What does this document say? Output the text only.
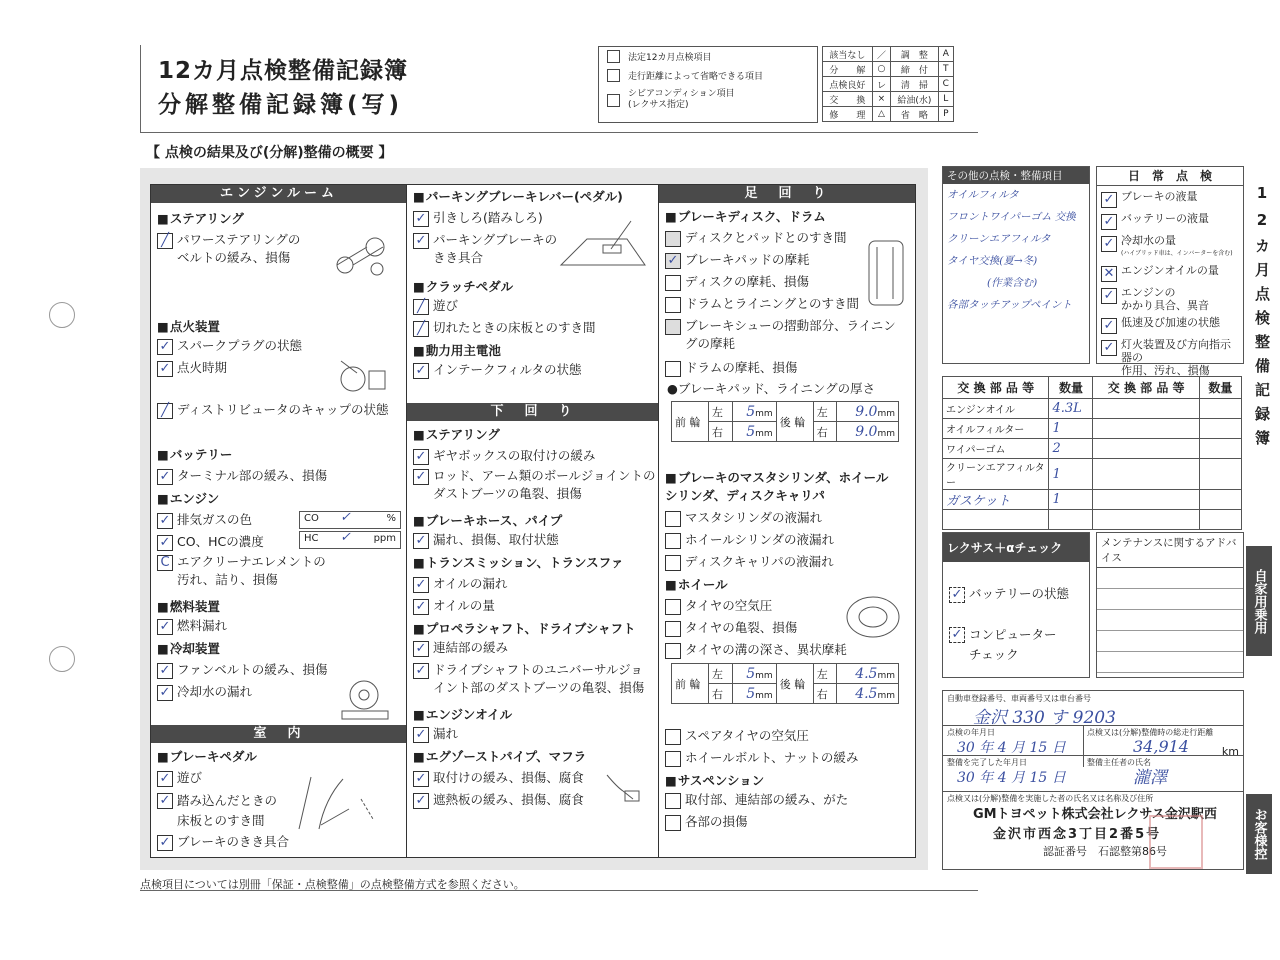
12カ月点検整備記録簿
分解整備記録簿(写)
法定12カ月点検項目
走行距離によって省略できる項目
シビアコンディション項目
(レクサス指定)
該当なし	／	調　整	A
分　　解	○	締　付	T
点検良好	レ	清　掃	C
交　　換	×	給油(水)	L
修　　理	△	省　略	P
【 点検の結果及び(分解)整備の概要 】
エンジンルーム
■ ステアリング
╱ パワーステアリングの
ベルトの緩み、損傷
■ 点火装置
✓ スパークプラグの状態
✓ 点火時期
╱ ディストリビュータのキャップの状態
■ バッテリー
✓ ターミナル部の緩み、損傷
■ エンジン
✓ 排気ガスの色
✓ CO、HCの濃度
CO ✓	%
HC ✓ ppm
C エアクリーナエレメントの
汚れ、詰り、損傷
■ 燃料装置
✓ 燃料漏れ
■ 冷却装置
✓ ファンベルトの緩み、損傷
✓ 冷却水の漏れ
室　内
■ ブレーキペダル
✓ 遊び
✓ 踏み込んだときの
床板とのすき間
✓ ブレーキのきき具合
■ パーキングブレーキレバー(ペダル)
✓ 引きしろ(踏みしろ)
✓ パーキングブレーキの
きき具合
■ クラッチペダル
╱ 遊び
╱ 切れたときの床板とのすき間
■ 動力用主電池
✓ インテークフィルタの状態
下　回　り
■ ステアリング
✓ ギヤボックスの取付けの緩み
✓ ロッド、アーム類のボールジョイントの
ダストブーツの亀裂、損傷
■ ブレーキホース、パイプ
✓ 漏れ、損傷、取付状態
■ トランスミッション、トランスファ
✓ オイルの漏れ
✓ オイルの量
■ プロペラシャフト、ドライブシャフト
✓ 連結部の緩み
✓ ドライブシャフトのユニバーサルジョ
イント部のダストブーツの亀裂、損傷
■ エンジンオイル
✓ 漏れ
■ エグゾーストパイプ、マフラ
✓ 取付けの緩み、損傷、腐食
✓ 遮熱板の緩み、損傷、腐食
足　回　り
■ ブレーキディスク、ドラム
ディスクとパッドとのすき間
✓ ブレーキパッドの摩耗
ディスクの摩耗、損傷
ドラムとライニングとのすき間
ブレーキシューの摺動部分、ライニン
グの摩耗
ドラムの摩耗、損傷
●ブレーキパッド、ライニングの厚さ
前 輪	左	5mm	後 輪	左	9.0mm
	右	5mm		右	9.0mm
■ ブレーキのマスタシリンダ、ホイール
シリンダ、ディスクキャリパ
マスタシリンダの液漏れ
ホイールシリンダの液漏れ
ディスクキャリパの液漏れ
■ ホイール
タイヤの空気圧
タイヤの亀裂、損傷
タイヤの溝の深さ、異状摩耗
前 輪	左	5mm	後 輪	左	4.5mm
	右	5mm		右	4.5mm
スペアタイヤの空気圧
ホイールボルト、ナットの緩み
■ サスペンション
取付部、連結部の緩み、がた
各部の損傷
その他の点検・整備項目
オイルフィルタ
フロントワイパーゴム 交換
クリーンエアフィルタ
タイヤ交換(夏→冬)
(作業含む)
各部タッチアップペイント
日　常　点　検
✓ ブレーキの液量
✓ バッテリーの液量
✓ 冷却水の量
(ハイブリッド車は、インバーターを含む)
✕ エンジンオイルの量
✓ エンジンの
かかり具合、異音
✓ 低速及び加速の状態
✓ 灯火装置及び方向指示器の
作用、汚れ、損傷
交 換 部 品 等	数量	交 換 部 品 等	数量
エンジンオイル	4.3L		
オイルフィルター	1		
ワイパーゴム	2		
クリーンエアフィルター	1		
ガスケット	1		

レクサス＋αチェック
✓ バッテリーの状態
✓ コンピューター
チェック
メンテナンスに関するアドバイス
自動車登録番号、車両番号又は車台番号
金沢 330 す 9203
点検の年月日
30 年 4 月 15 日
点検又は(分解)整備時の総走行距離
34,914	km
整備を完了した年月日
30 年 4 月 15 日
整備主任者の氏名
瀧澤
点検又は(分解)整備を実施した者の氏名又は名称及び住所
GMトヨペット株式会社レクサス金沢駅西
金沢市西念3丁目2番5号
認証番号　石認整第86号
12カ月点検整備記録簿
自家用乗用
お客様控
点検項目については別冊「保証・点検整備」の点検整備方式を参照ください。
